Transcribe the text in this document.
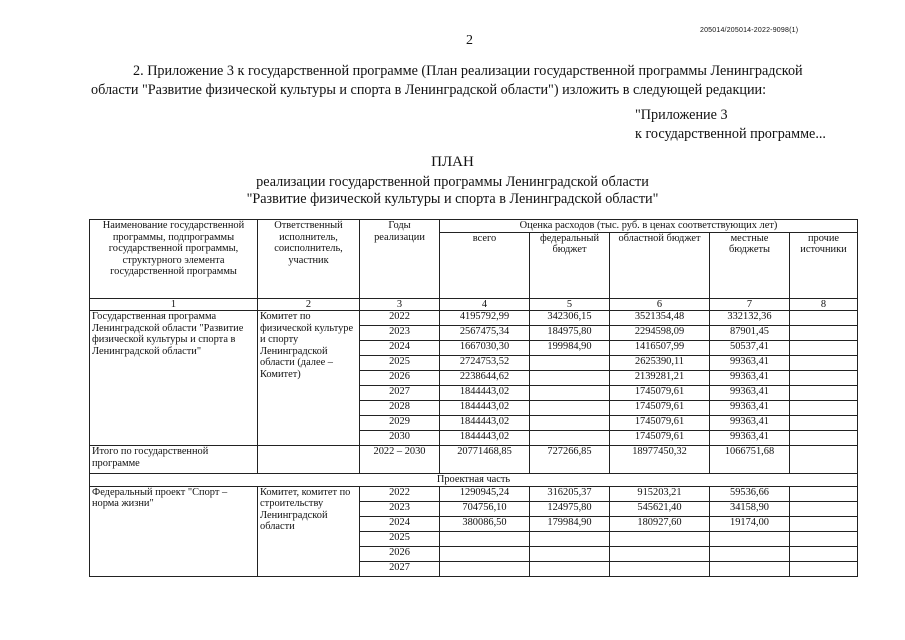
205014/205014-2022-9098(1)
2
2. Приложение 3 к государственной программе (План реализации государственной программы Ленинградской области "Развитие физической культуры и спорта в Ленинградской области") изложить в следующей редакции:
"Приложение 3
к государственной программе...
ПЛАН
реализации государственной программы Ленинградской области
"Развитие физической культуры и спорта в Ленинградской области"
Наименование государственной программы, подпрограммы государственной программы, структурного элемента государственной программы	Ответственный исполнитель, соисполнитель, участник	Годы реализации	Оценка расходов (тыс. руб. в ценах соответствующих лет)				
			всего	федеральный бюджет	областной бюджет	местные бюджеты	прочие источники
1	2	3	4	5	6	7	8
Государственная программа Ленинградской области "Развитие физической культуры и спорта в Ленинградской области"	Комитет по физической культуре и спорту Ленинградской области (далее – Комитет)	2022	4195792,99	342306,15	3521354,48	332132,36	
		2023	2567475,34	184975,80	2294598,09	87901,45	
		2024	1667030,30	199984,90	1416507,99	50537,41	
		2025	2724753,52		2625390,11	99363,41	
		2026	2238644,62		2139281,21	99363,41	
		2027	1844443,02		1745079,61	99363,41	
		2028	1844443,02		1745079,61	99363,41	
		2029	1844443,02		1745079,61	99363,41	
		2030	1844443,02		1745079,61	99363,41	
Итого по государственной программе		2022 – 2030	20771468,85	727266,85	18977450,32	1066751,68	
Проектная часть							
Федеральный проект "Спорт – норма жизни"	Комитет, комитет по строительству Ленинградской области	2022	1290945,24	316205,37	915203,21	59536,66	
		2023	704756,10	124975,80	545621,40	34158,90	
		2024	380086,50	179984,90	180927,60	19174,00	
		2025					
		2026					
		2027					
